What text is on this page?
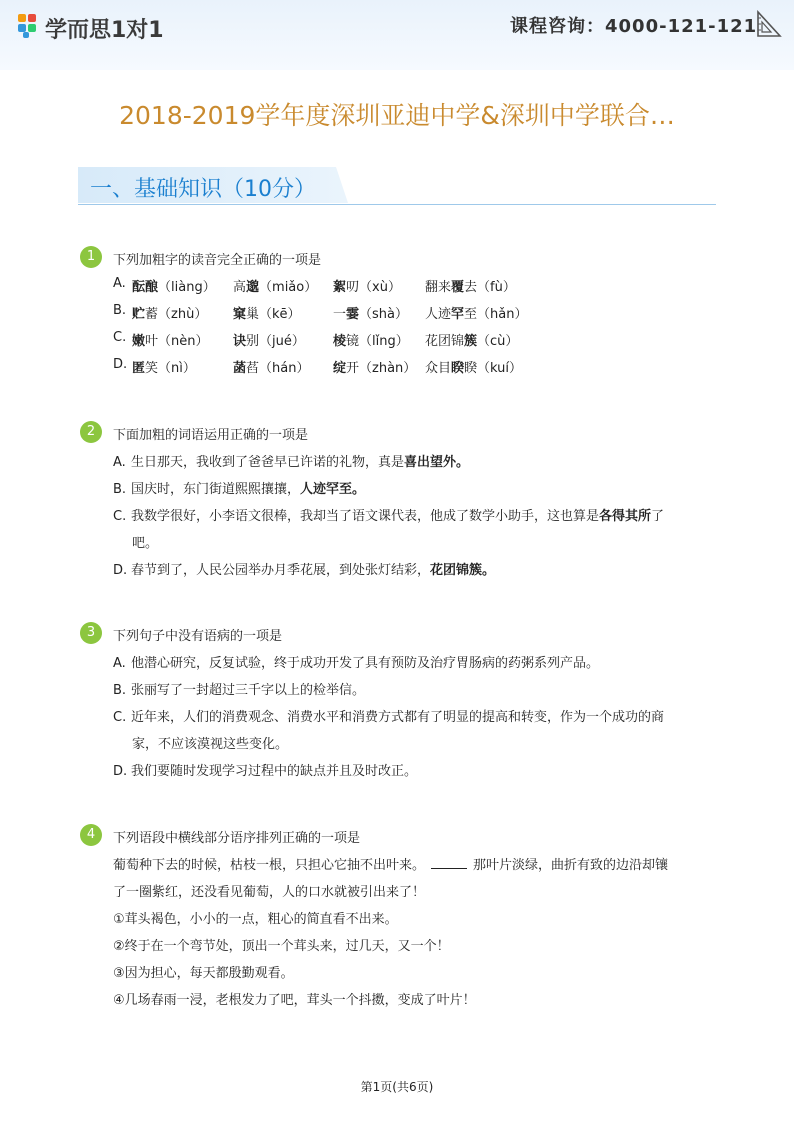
学而思1对1	课程咨询：4000-121-121
2018-2019学年度深圳亚迪中学&深圳中学联合…
一、基础知识（10分）
1	下列加粗字的读音完全正确的一项是
A. 酝酿（liàng） 高邈（miǎo） 絮叨（xù） 翻来覆去（fù）
B. 贮蓄（zhù） 窠巢（kē） 一霎（shà） 人迹罕至（hǎn）
C. 嫩叶（nèn） 诀别（jué） 棱镜（lǐng） 花团锦簇（cù）
D. 匿笑（nì）	菡萏（hán） 绽开（zhàn） 众目睽睽（kuí）
2	下面加粗的词语运用正确的一项是
A. 生日那天，我收到了爸爸早已许诺的礼物，真是喜出望外。
B. 国庆时，东门街道熙熙攘攘，人迹罕至。
C. 我数学很好，小李语文很棒，我却当了语文课代表，他成了数学小助手，这也算是各得其所了
吧。
D. 春节到了，人民公园举办月季花展，到处张灯结彩，花团锦簇。
3	下列句子中没有语病的一项是
A. 他潜心研究，反复试验，终于成功开发了具有预防及治疗胃肠病的药粥系列产品。
B. 张丽写了一封超过三千字以上的检举信。
C. 近年来，人们的消费观念、消费水平和消费方式都有了明显的提高和转变，作为一个成功的商
家，不应该漠视这些变化。
D. 我们要随时发现学习过程中的缺点并且及时改正。
4	下列语段中横线部分语序排列正确的一项是
葡萄种下去的时候，枯枝一根，只担心它抽不出叶来。	那叶片淡绿，曲折有致的边沿却镶
了一圈紫红，还没看见葡萄，人的口水就被引出来了！
①茸头褐色，小小的一点，粗心的简直看不出来。
②终于在一个弯节处，顶出一个茸头来，过几天，又一个！
③因为担心，每天都殷勤观看。
④几场春雨一浸，老根发力了吧，茸头一个抖擞，变成了叶片！
第1页(共6页)
